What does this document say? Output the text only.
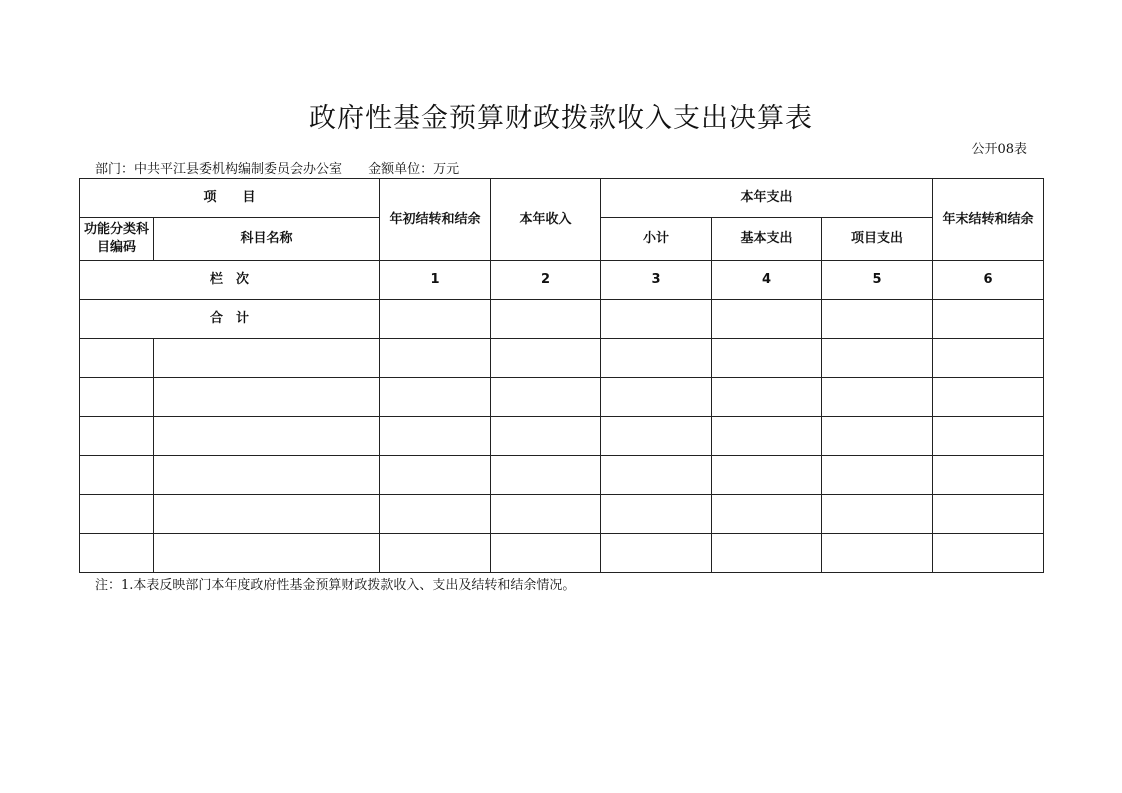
政府性基金预算财政拨款收入支出决算表
公开08表
部门：中共平江县委机构编制委员会办公室 金额单位：万元
项　　目		年初结转和结余	本年收入	本年支出			年末结转和结余
功能分类科目编码	科目名称			小计	基本支出	项目支出	
栏　次		1	2	3	4	5	6
合　计							

注：1.本表反映部门本年度政府性基金预算财政拨款收入、支出及结转和结余情况。
